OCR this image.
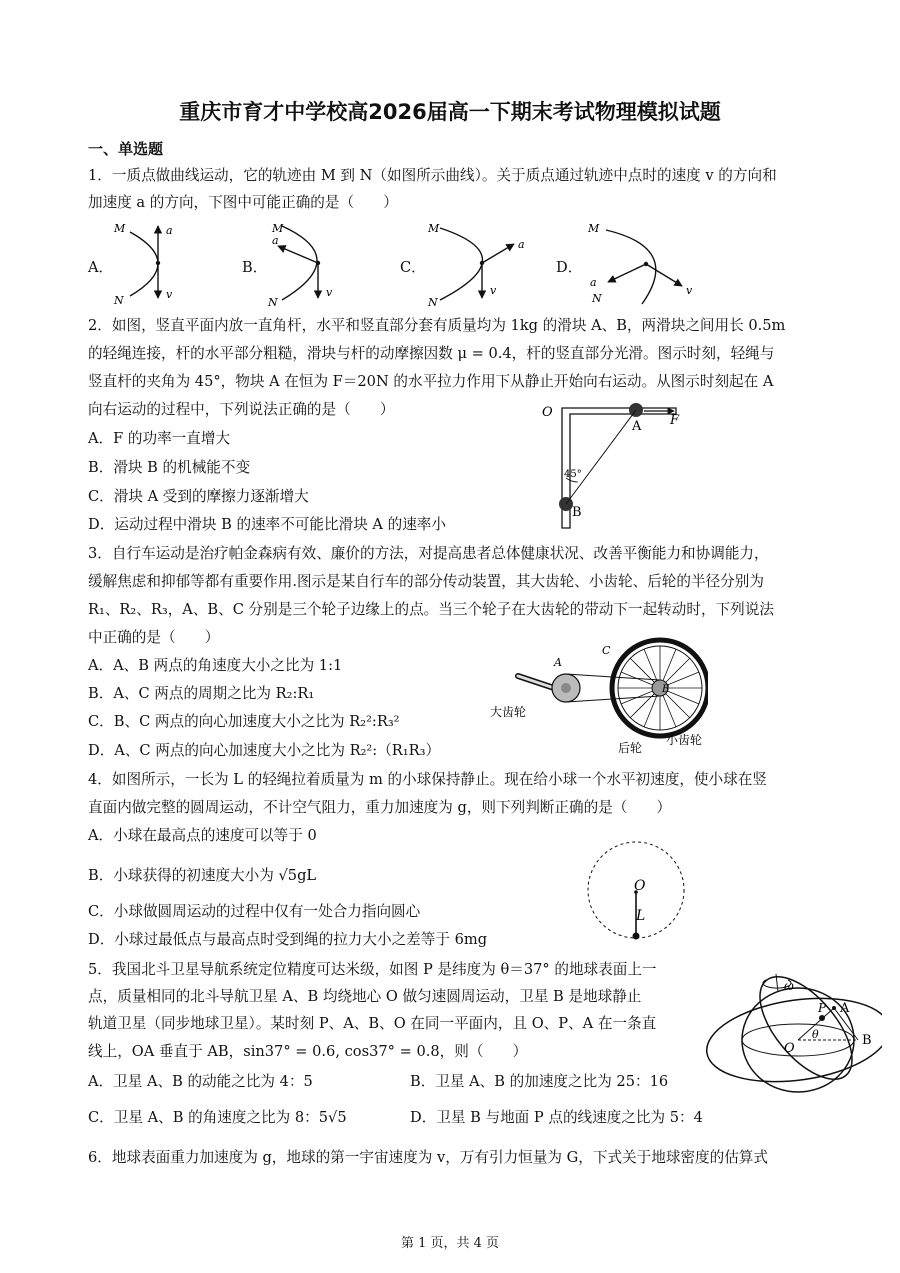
重庆市育才中学校高2026届高一下期末考试物理模拟试题
一、单选题
1．一质点做曲线运动，它的轨迹由 M 到 N（如图所示曲线）。关于质点通过轨迹中点时的速度 v 的方向和
加速度 a 的方向，下图中可能正确的是（　　）
A．	B．	C．	D．
M
N
a
v
M
N
a
v
M
N
a
v
M
N
a
v
2．如图，竖直平面内放一直角杆，水平和竖直部分套有质量均为 1kg 的滑块 A、B，两滑块之间用长 0.5m
的轻绳连接，杆的水平部分粗糙，滑块与杆的动摩擦因数 μ = 0.4，杆的竖直部分光滑。图示时刻，轻绳与
竖直杆的夹角为 45°，物块 A 在恒为 F＝20N 的水平拉力作用下从静止开始向右运动。从图示时刻起在 A
向右运动的过程中，下列说法正确的是（　　）
A．F 的功率一直增大
B．滑块 B 的机械能不变
C．滑块 A 受到的摩擦力逐渐增大
D．运动过程中滑块 B 的速率不可能比滑块 A 的速率小
O
A F
B
45°
3．自行车运动是治疗帕金森病有效、廉价的方法，对提高患者总体健康状况、改善平衡能力和协调能力，
缓解焦虑和抑郁等都有重要作用.图示是某自行车的部分传动装置，其大齿轮、小齿轮、后轮的半径分别为
R₁、R₂、R₃，A、B、C 分别是三个轮子边缘上的点。当三个轮子在大齿轮的带动下一起转动时，下列说法
中正确的是（　　）
A．A、B 两点的角速度大小之比为 1:1
B．A、C 两点的周期之比为 R₂:R₁
C．B、C 两点的向心加速度大小之比为 R₂²:R₃²
D．A、C 两点的向心加速度大小之比为 R₂²:（R₁R₃）
A
B
C
大齿轮
后轮
小齿轮
4．如图所示，一长为 L 的轻绳拉着质量为 m 的小球保持静止。现在给小球一个水平初速度，使小球在竖
直面内做完整的圆周运动，不计空气阻力，重力加速度为 g，则下列判断正确的是（　　）
A．小球在最高点的速度可以等于 0
B．小球获得的初速度大小为 √5gL
C．小球做圆周运动的过程中仅有一处合力指向圆心
D．小球过最低点与最高点时受到绳的拉力大小之差等于 6mg
O
L
5．我国北斗卫星导航系统定位精度可达米级，如图 P 是纬度为 θ＝37° 的地球表面上一
点，质量相同的北斗导航卫星 A、B 均绕地心 O 做匀速圆周运动，卫星 B 是地球静止
轨道卫星（同步地球卫星）。某时刻 P、A、B、O 在同一平面内，且 O、P、A 在一条直
线上，OA 垂直于 AB，sin37° = 0.6, cos37° = 0.8，则（　　）
A．卫星 A、B 的动能之比为 4：5	B．卫星 A、B 的加速度之比为 25：16
C．卫星 A、B 的角速度之比为 8：5√5	D．卫星 B 与地面 P 点的线速度之比为 5：4
ω
P A
B
O
θ
6．地球表面重力加速度为 g，地球的第一宇宙速度为 v，万有引力恒量为 G，下式关于地球密度的估算式
第 1 页，共 4 页
